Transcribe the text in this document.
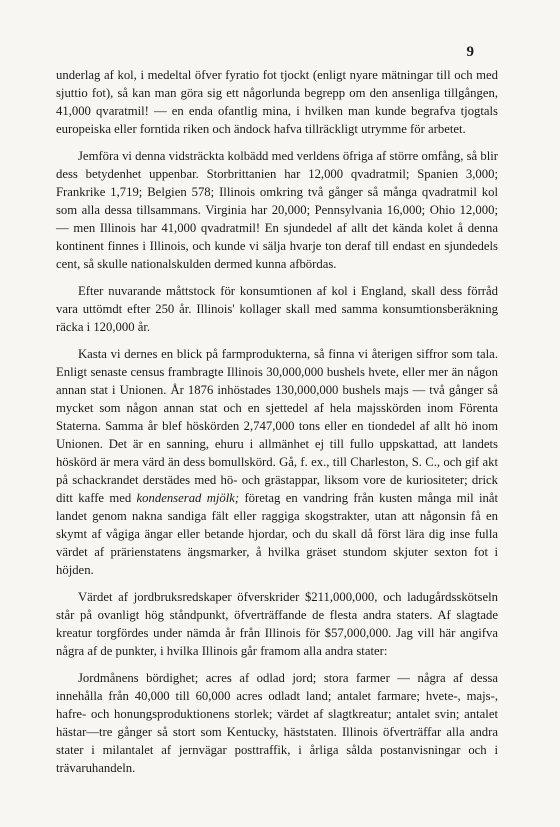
9

underlag af kol, i medeltal öfver fyratio fot tjockt (enligt nyare mätningar till och med sjuttio fot), så kan man göra sig ett någorlunda begrepp om den ansenliga tillgången, 41,000 qvaratmil! — en enda ofantlig mina, i hvilken man kunde begrafva tjogtals europeiska eller forntida riken och ändock hafva tillräckligt utrymme för arbetet.

Jemföra vi denna vidsträckta kolbädd med verldens öfriga af större omfång, så blir dess betydenhet uppenbar. Storbrittanien har 12,000 qvadratmil; Spanien 3,000; Frankrike 1,719; Belgien 578; Illinois omkring två gånger så många qvadratmil kol som alla dessa tillsammans. Virginia har 20,000; Pennsylvania 16,000; Ohio 12,000; — men Illinois har 41,000 qvadratmil! En sjundedel af allt det kända kolet å denna kontinent finnes i Illinois, och kunde vi sälja hvarje ton deraf till endast en sjundedels cent, så skulle nationalskulden dermed kunna afbördas.

Efter nuvarande måttstock för konsumtionen af kol i England, skall dess förråd vara uttömdt efter 250 år. Illinois' kollager skall med samma konsumtionsberäkning räcka i 120,000 år.

Kasta vi dernes en blick på farmprodukterna, så finna vi återigen siffror som tala. Enligt senaste census frambragte Illinois 30,000,000 bushels hvete, eller mer än någon annan stat i Unionen. År 1876 inhöstades 130,000,000 bushels majs — två gånger så mycket som någon annan stat och en sjettedel af hela majsskörden inom Förenta Staterna. Samma år blef höskörden 2,747,000 tons eller en tiondedel af allt hö inom Unionen. Det är en sanning, ehuru i allmänhet ej till fullo uppskattad, att landets höskörd är mera värd än dess bomullskörd. Gå, f. ex., till Charleston, S. C., och gif akt på schackrandet derstädes med hö- och grästappar, liksom vore de kuriositeter; drick ditt kaffe med kondenserad mjölk; företag en vandring från kusten många mil inåt landet genom nakna sandiga fält eller raggiga skogstrakter, utan att någonsin få en skymt af vågiga ängar eller betande hjordar, och du skall då först lära dig inse fulla värdet af prärienstatens ängsmarker, å hvilka gräset stundom skjuter sexton fot i höjden.

Värdet af jordbruksredskaper öfverskrider $211,000,000, och ladugårdsskötseln står på ovanligt hög ståndpunkt, öfverträffande de flesta andra staters. Af slagtade kreatur torgfördes under nämda år från Illinois för $57,000,000. Jag vill här angifva några af de punkter, i hvilka Illinois går framom alla andra stater:

Jordmånens bördighet; acres af odlad jord; stora farmer — några af dessa innehålla från 40,000 till 60,000 acres odladt land; antalet farmare; hvete-, majs-, hafre- och honungsproduktionens storlek; värdet af slagtkreatur; antalet svin; antalet hästar—tre gånger så stort som Kentucky, häststaten. Illinois öfverträffar alla andra stater i milantalet af jernvägar posttraffik, i årliga sålda postanvisningar och i trävaruhandeln.
